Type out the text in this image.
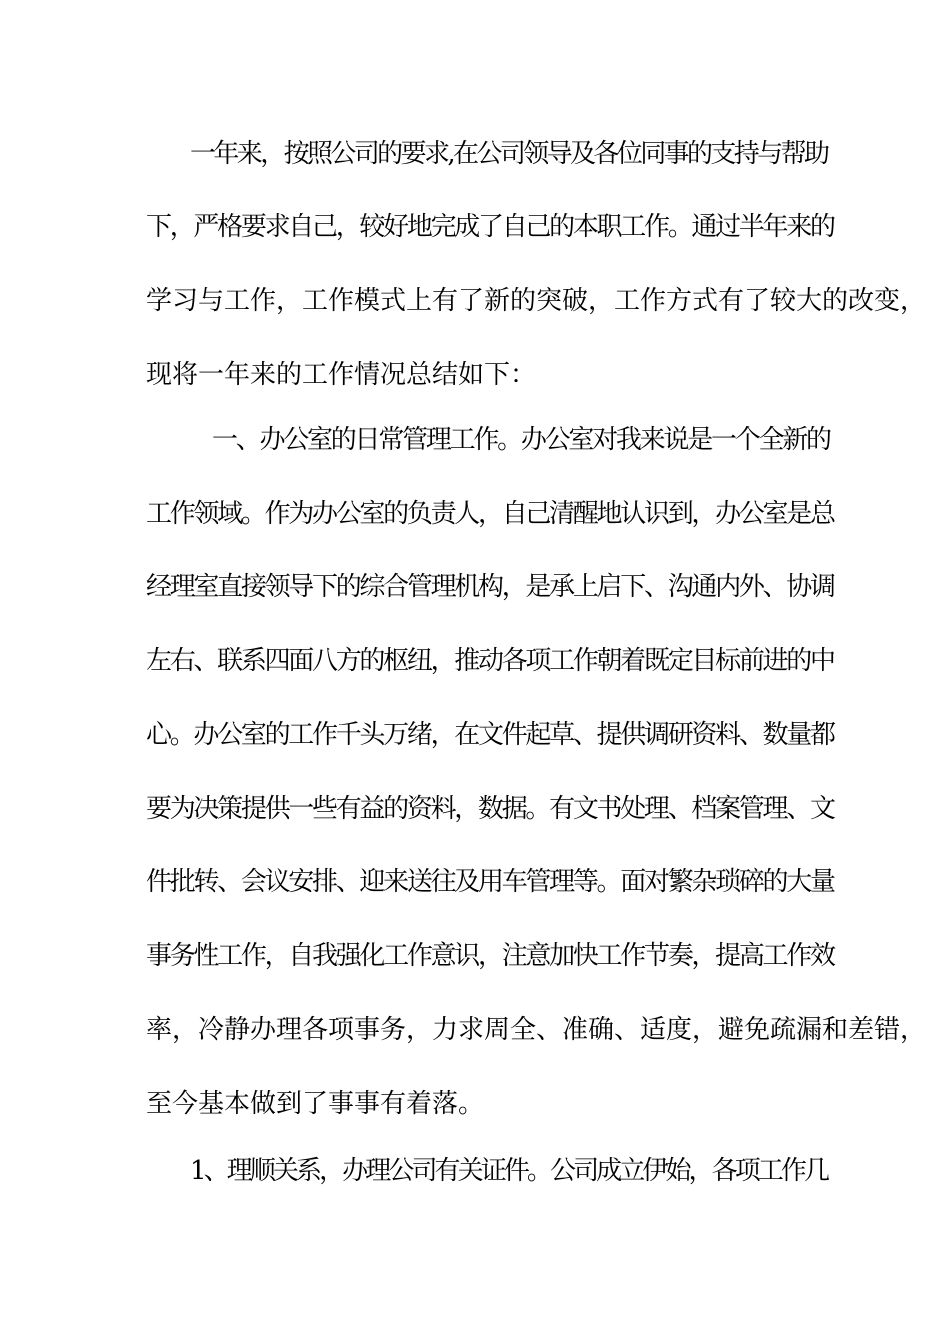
一年来，按照公司的要求,在公司领导及各位同事的支持与帮助
下，严格要求自己，较好地完成了自己的本职工作。通过半年来的
学习与工作，工作模式上有了新的突破，工作方式有了较大的改变，
现将一年来的工作情况总结如下：
一、办公室的日常管理工作。办公室对我来说是一个全新的
工作领域。作为办公室的负责人，自己清醒地认识到，办公室是总
经理室直接领导下的综合管理机构，是承上启下、沟通内外、协调
左右、联系四面八方的枢纽，推动各项工作朝着既定目标前进的中
心。办公室的工作千头万绪，在文件起草、提供调研资料、数量都
要为决策提供一些有益的资料，数据。有文书处理、档案管理、文
件批转、会议安排、迎来送往及用车管理等。面对繁杂琐碎的大量
事务性工作，自我强化工作意识，注意加快工作节奏，提高工作效
率，冷静办理各项事务，力求周全、准确、适度，避免疏漏和差错，
至今基本做到了事事有着落。
1、理顺关系，办理公司有关证件。公司成立伊始，各项工作几
